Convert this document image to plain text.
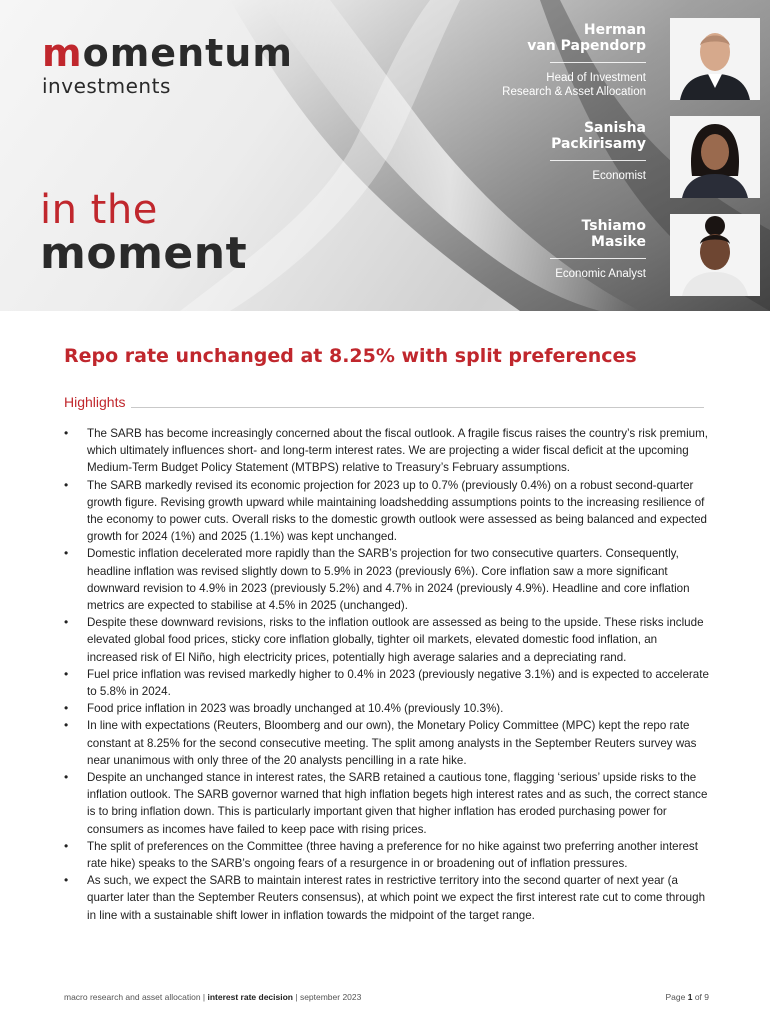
momentum
investments
in the
moment
Herman
van Papendorp
Head of Investment
Research & Asset Allocation
Sanisha
Packirisamy
Economist
Tshiamo
Masike
Economic Analyst
Repo rate unchanged at 8.25% with split preferences
Highlights
• The SARB has become increasingly concerned about the fiscal outlook. A fragile fiscus raises the country’s risk premium, which ultimately influences short- and long-term interest rates. We are projecting a wider fiscal deficit at the upcoming Medium-Term Budget Policy Statement (MTBPS) relative to Treasury’s February assumptions.
• The SARB markedly revised its economic projection for 2023 up to 0.7% (previously 0.4%) on a robust second-quarter growth figure. Revising growth upward while maintaining loadshedding assumptions points to the increasing resilience of the economy to power cuts. Overall risks to the domestic growth outlook were assessed as being balanced and expected growth for 2024 (1%) and 2025 (1.1%) was kept unchanged.
• Domestic inflation decelerated more rapidly than the SARB’s projection for two consecutive quarters. Consequently, headline inflation was revised slightly down to 5.9% in 2023 (previously 6%). Core inflation saw a more significant downward revision to 4.9% in 2023 (previously 5.2%) and 4.7% in 2024 (previously 4.9%). Headline and core inflation metrics are expected to stabilise at 4.5% in 2025 (unchanged).
• Despite these downward revisions, risks to the inflation outlook are assessed as being to the upside. These risks include elevated global food prices, sticky core inflation globally, tighter oil markets, elevated domestic food inflation, an increased risk of El Niño, high electricity prices, potentially high average salaries and a depreciating rand.
• Fuel price inflation was revised markedly higher to 0.4% in 2023 (previously negative 3.1%) and is expected to accelerate to 5.8% in 2024.
• Food price inflation in 2023 was broadly unchanged at 10.4% (previously 10.3%).
• In line with expectations (Reuters, Bloomberg and our own), the Monetary Policy Committee (MPC) kept the repo rate constant at 8.25% for the second consecutive meeting. The split among analysts in the September Reuters survey was near unanimous with only three of the 20 analysts pencilling in a rate hike.
• Despite an unchanged stance in interest rates, the SARB retained a cautious tone, flagging ‘serious’ upside risks to the inflation outlook. The SARB governor warned that high inflation begets high interest rates and as such, the correct stance is to bring inflation down. This is particularly important given that higher inflation has eroded purchasing power for consumers as incomes have failed to keep pace with rising prices.
• The split of preferences on the Committee (three having a preference for no hike against two preferring another interest rate hike) speaks to the SARB’s ongoing fears of a resurgence in or broadening out of inflation pressures.
• As such, we expect the SARB to maintain interest rates in restrictive territory into the second quarter of next year (a quarter later than the September Reuters consensus), at which point we expect the first interest rate cut to come through in line with a sustainable shift lower in inflation towards the midpoint of the target range.
macro research and asset allocation | interest rate decision | september 2023	Page 1 of 9
